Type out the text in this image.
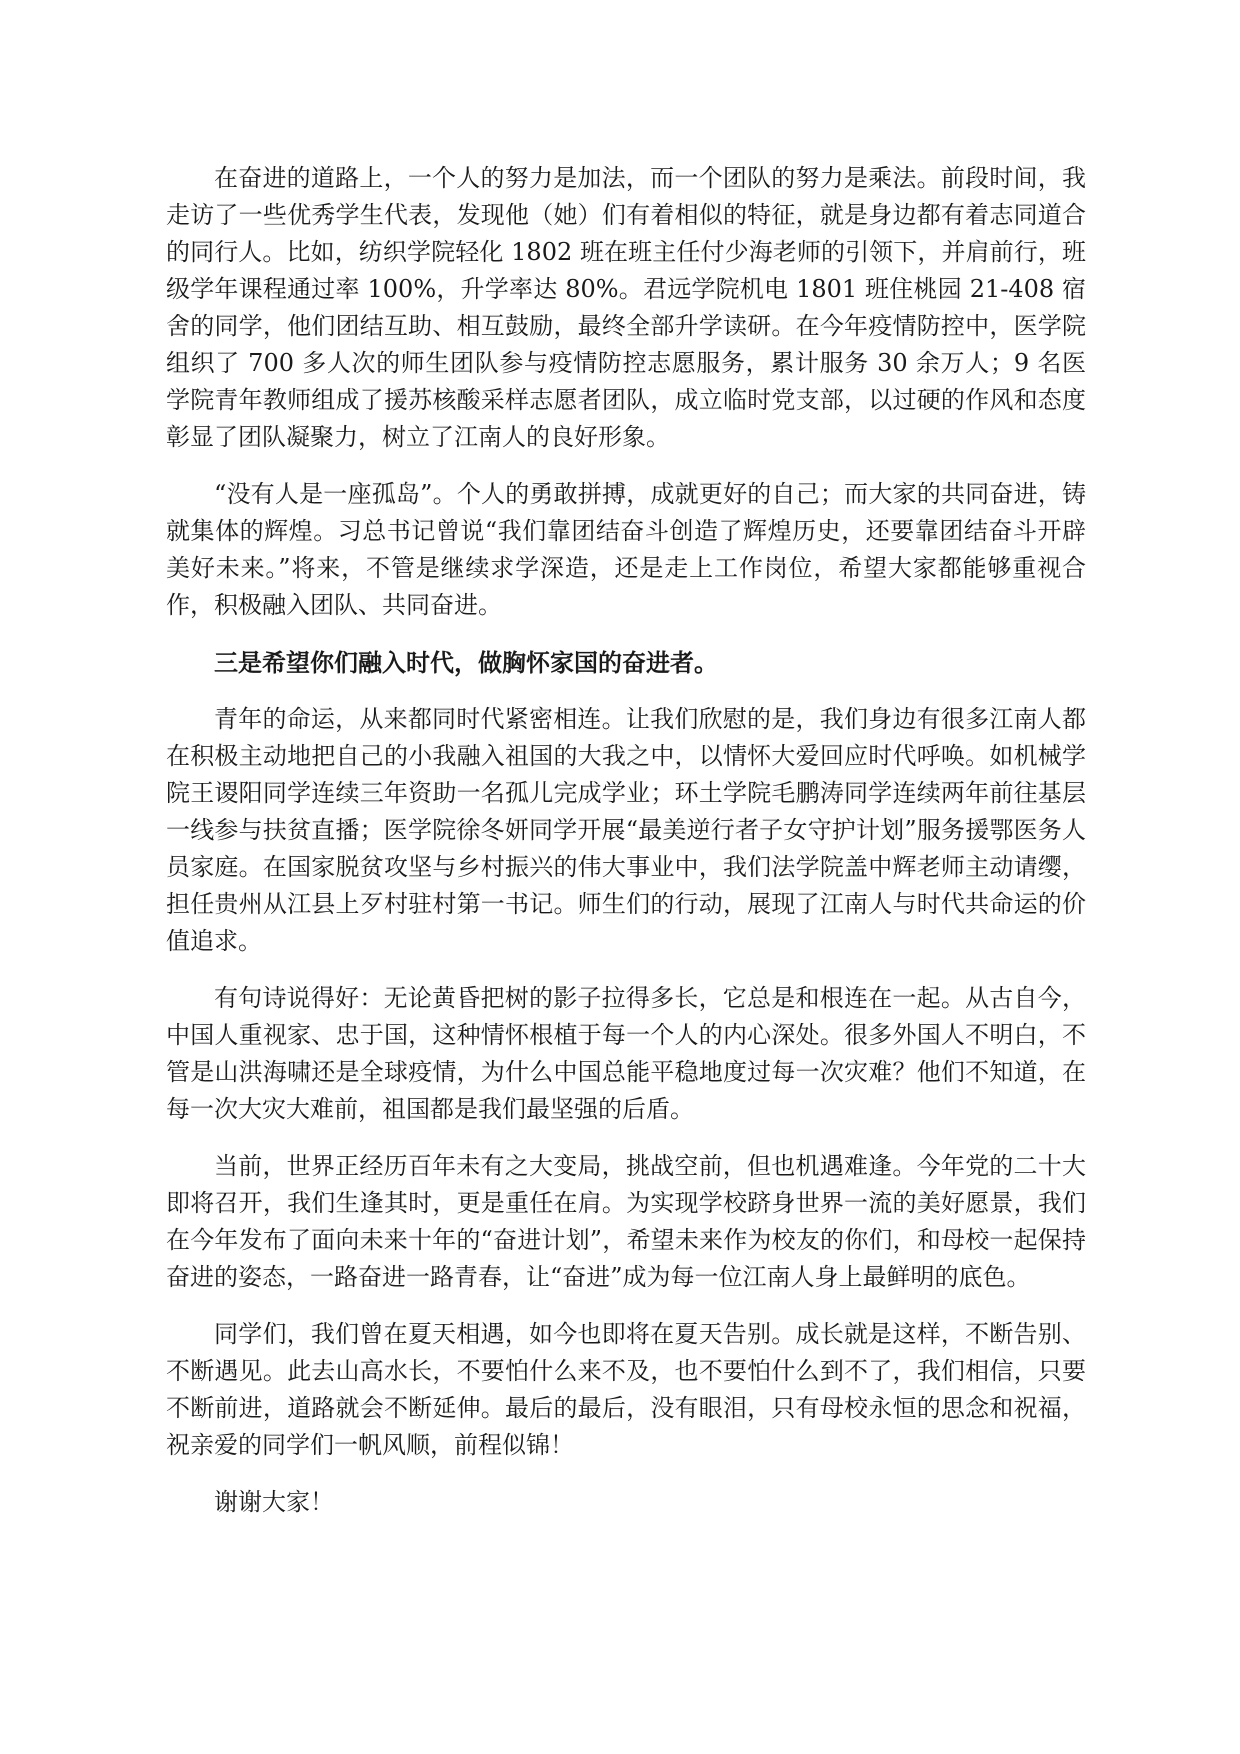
在奋进的道路上，一个人的努力是加法，而一个团队的努力是乘法。前段时间，我走访了一些优秀学生代表，发现他（她）们有着相似的特征，就是身边都有着志同道合的同行人。比如，纺织学院轻化 1802 班在班主任付少海老师的引领下，并肩前行，班级学年课程通过率 100%，升学率达 80%。君远学院机电 1801 班住桃园 21-408 宿舍的同学，他们团结互助、相互鼓励，最终全部升学读研。在今年疫情防控中，医学院组织了 700 多人次的师生团队参与疫情防控志愿服务，累计服务 30 余万人；9 名医学院青年教师组成了援苏核酸采样志愿者团队，成立临时党支部，以过硬的作风和态度彰显了团队凝聚力，树立了江南人的良好形象。

“没有人是一座孤岛”。个人的勇敢拼搏，成就更好的自己；而大家的共同奋进，铸就集体的辉煌。习总书记曾说“我们靠团结奋斗创造了辉煌历史，还要靠团结奋斗开辟美好未来。”将来，不管是继续求学深造，还是走上工作岗位，希望大家都能够重视合作，积极融入团队、共同奋进。

三是希望你们融入时代，做胸怀家国的奋进者。

青年的命运，从来都同时代紧密相连。让我们欣慰的是，我们身边有很多江南人都在积极主动地把自己的小我融入祖国的大我之中，以情怀大爱回应时代呼唤。如机械学院王谡阳同学连续三年资助一名孤儿完成学业；环土学院毛鹏涛同学连续两年前往基层一线参与扶贫直播；医学院徐冬妍同学开展“最美逆行者子女守护计划”服务援鄂医务人员家庭。在国家脱贫攻坚与乡村振兴的伟大事业中，我们法学院盖中辉老师主动请缨，担任贵州从江县上歹村驻村第一书记。师生们的行动，展现了江南人与时代共命运的价值追求。

有句诗说得好：无论黄昏把树的影子拉得多长，它总是和根连在一起。从古自今，中国人重视家、忠于国，这种情怀根植于每一个人的内心深处。很多外国人不明白，不管是山洪海啸还是全球疫情，为什么中国总能平稳地度过每一次灾难？他们不知道，在每一次大灾大难前，祖国都是我们最坚强的后盾。

当前，世界正经历百年未有之大变局，挑战空前，但也机遇难逢。今年党的二十大即将召开，我们生逢其时，更是重任在肩。为实现学校跻身世界一流的美好愿景，我们在今年发布了面向未来十年的“奋进计划”，希望未来作为校友的你们，和母校一起保持奋进的姿态，一路奋进一路青春，让“奋进”成为每一位江南人身上最鲜明的底色。

同学们，我们曾在夏天相遇，如今也即将在夏天告别。成长就是这样，不断告别、不断遇见。此去山高水长，不要怕什么来不及，也不要怕什么到不了，我们相信，只要不断前进，道路就会不断延伸。最后的最后，没有眼泪，只有母校永恒的思念和祝福，祝亲爱的同学们一帆风顺，前程似锦！

谢谢大家！
